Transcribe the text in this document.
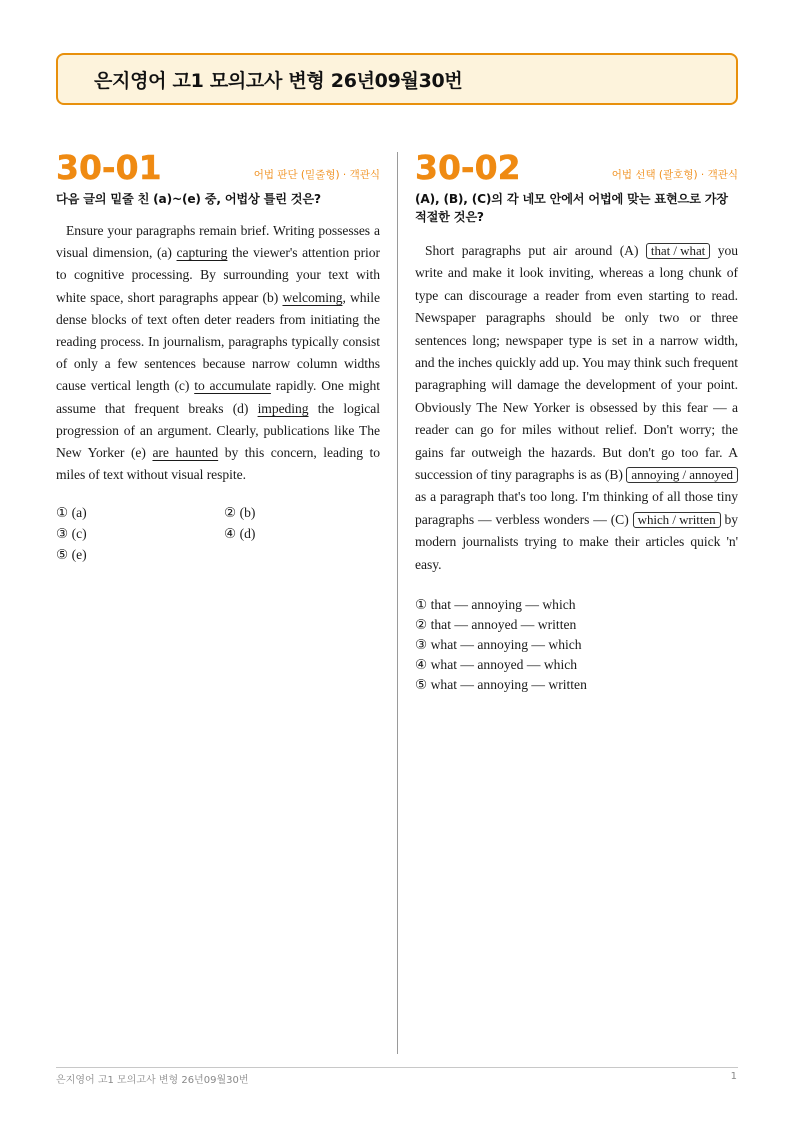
은지영어 고1 모의고사 변형 26년09월30번
30-01	어법 판단 (밑줄형) · 객관식
다음 글의 밑줄 친 (a)~(e) 중, 어법상 틀린 것은?
Ensure your paragraphs remain brief. Writing possesses a visual dimension, (a) capturing the viewer's attention prior to cognitive processing. By surrounding your text with white space, short paragraphs appear (b) welcoming, while dense blocks of text often deter readers from initiating the reading process. In journalism, paragraphs typically consist of only a few sentences because narrow column widths cause vertical length (c) to accumulate rapidly. One might assume that frequent breaks (d) impeding the logical progression of an argument. Clearly, publications like The New Yorker (e) are haunted by this concern, leading to miles of text without visual respite.
① (a)	② (b)
③ (c)	④ (d)
⑤ (e)
30-02	어법 선택 (괄호형) · 객관식
(A), (B), (C)의 각 네모 안에서 어법에 맞는 표현으로 가장 적절한 것은?
Short paragraphs put air around (A) that / what you write and make it look inviting, whereas a long chunk of type can discourage a reader from even starting to read. Newspaper paragraphs should be only two or three sentences long; newspaper type is set in a narrow width, and the inches quickly add up. You may think such frequent paragraphing will damage the development of your point. Obviously The New Yorker is obsessed by this fear — a reader can go for miles without relief. Don't worry; the gains far outweigh the hazards. But don't go too far. A succession of tiny paragraphs is as (B) annoying / annoyed as a paragraph that's too long. I'm thinking of all those tiny paragraphs — verbless wonders — (C) which / written by modern journalists trying to make their articles quick 'n' easy.
① that — annoying — which
② that — annoyed — written
③ what — annoying — which
④ what — annoyed — which
⑤ what — annoying — written
은지영어 고1 모의고사 변형 26년09월30번	1
